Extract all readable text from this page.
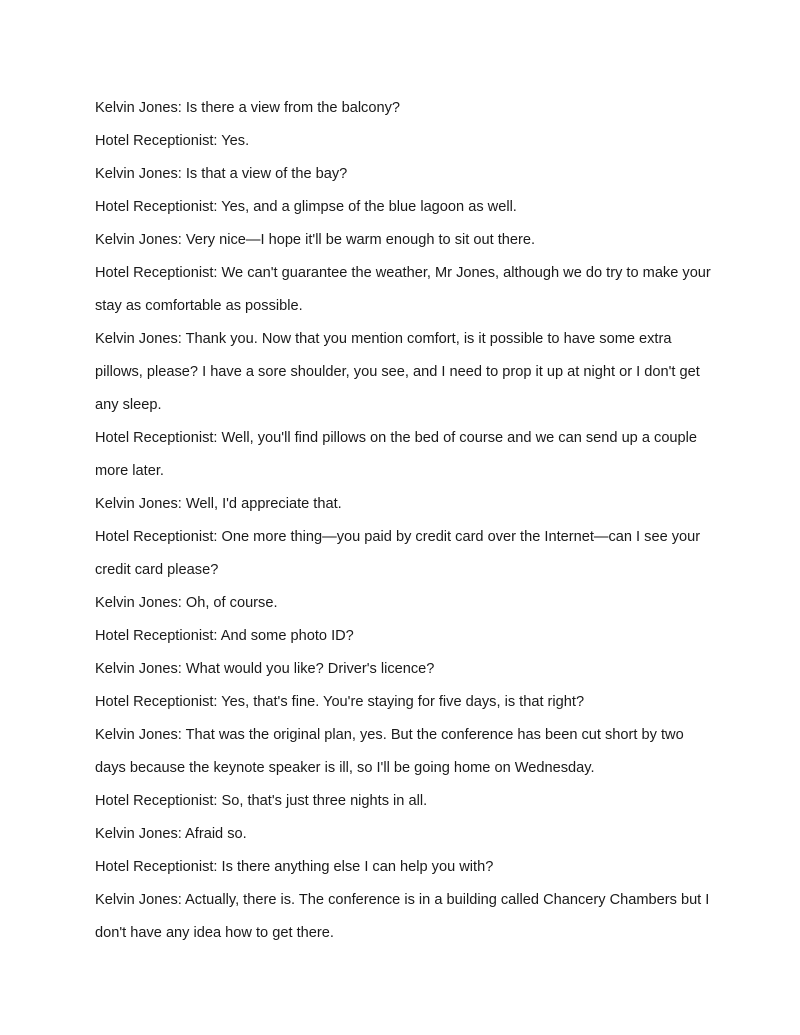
Kelvin Jones: Is there a view from the balcony?

Hotel Receptionist: Yes.

Kelvin Jones: Is that a view of the bay?

Hotel Receptionist: Yes, and a glimpse of the blue lagoon as well.

Kelvin Jones: Very nice—I hope it'll be warm enough to sit out there.

Hotel Receptionist: We can't guarantee the weather, Mr Jones, although we do try to make your stay as comfortable as possible.

Kelvin Jones: Thank you. Now that you mention comfort, is it possible to have some extra pillows, please? I have a sore shoulder, you see, and I need to prop it up at night or I don't get any sleep.

Hotel Receptionist: Well, you'll find pillows on the bed of course and we can send up a couple more later.

Kelvin Jones: Well, I'd appreciate that.

Hotel Receptionist: One more thing—you paid by credit card over the Internet—can I see your credit card please?

Kelvin Jones: Oh, of course.

Hotel Receptionist: And some photo ID?

Kelvin Jones: What would you like? Driver's licence?

Hotel Receptionist: Yes, that's fine. You're staying for five days, is that right?

Kelvin Jones: That was the original plan, yes. But the conference has been cut short by two days because the keynote speaker is ill, so I'll be going home on Wednesday.

Hotel Receptionist: So, that's just three nights in all.

Kelvin Jones: Afraid so.

Hotel Receptionist: Is there anything else I can help you with?

Kelvin Jones: Actually, there is. The conference is in a building called Chancery Chambers but I don't have any idea how to get there.
